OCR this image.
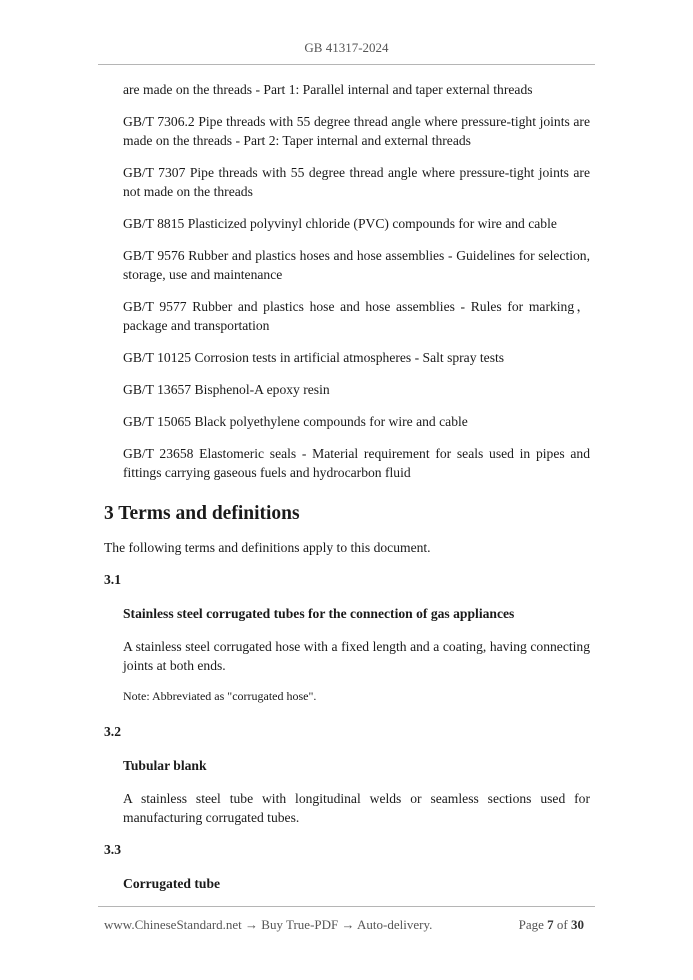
GB 41317-2024

are made on the threads - Part 1: Parallel internal and taper external threads

GB/T 7306.2 Pipe threads with 55 degree thread angle where pressure-tight joints are made on the threads - Part 2: Taper internal and external threads

GB/T 7307 Pipe threads with 55 degree thread angle where pressure-tight joints are not made on the threads

GB/T 8815 Plasticized polyvinyl chloride (PVC) compounds for wire and cable

GB/T 9576 Rubber and plastics hoses and hose assemblies - Guidelines for selection, storage, use and maintenance

GB/T 9577 Rubber and plastics hose and hose assemblies - Rules for marking，package and transportation

GB/T 10125 Corrosion tests in artificial atmospheres - Salt spray tests

GB/T 13657 Bisphenol-A epoxy resin

GB/T 15065 Black polyethylene compounds for wire and cable

GB/T 23658 Elastomeric seals - Material requirement for seals used in pipes and fittings carrying gaseous fuels and hydrocarbon fluid

3 Terms and definitions

The following terms and definitions apply to this document.

3.1

Stainless steel corrugated tubes for the connection of gas appliances

A stainless steel corrugated hose with a fixed length and a coating, having connecting joints at both ends.

Note: Abbreviated as "corrugated hose".

3.2

Tubular blank

A stainless steel tube with longitudinal welds or seamless sections used for manufacturing corrugated tubes.

3.3

Corrugated tube

www.ChineseStandard.net → Buy True-PDF → Auto-delivery.	Page 7 of 30
